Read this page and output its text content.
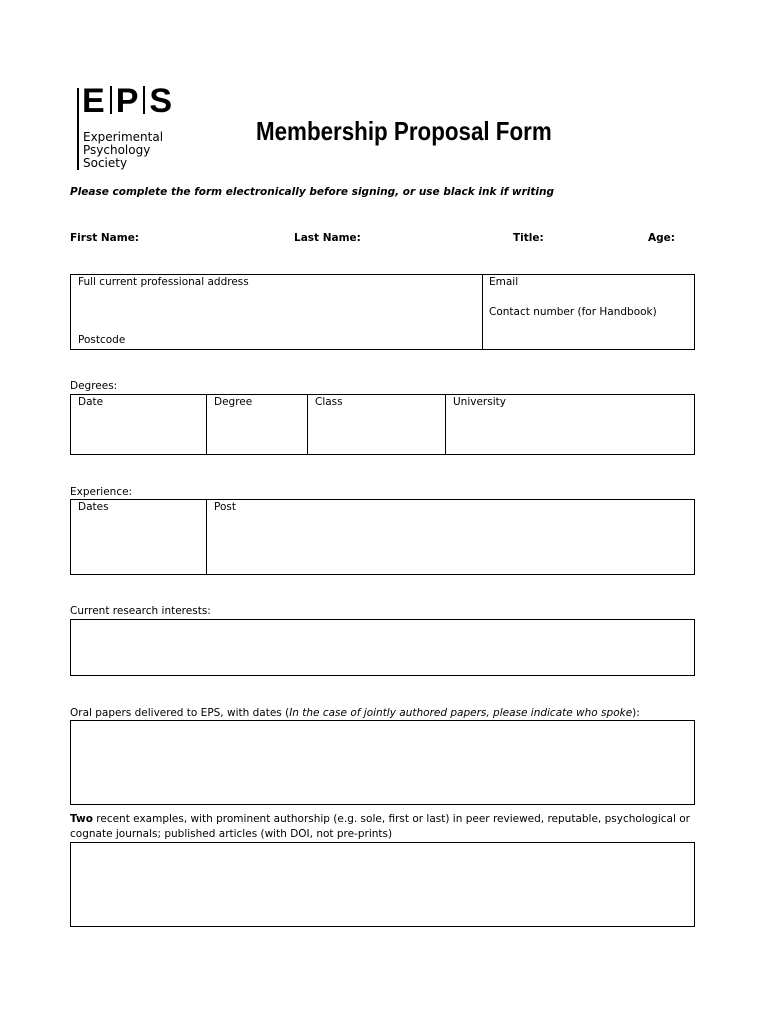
E P S
Experimental
Psychology
Society
Membership Proposal Form
Please complete the form electronically before signing, or use black ink if writing
First Name:	Last Name:	Title:	Age:
Full current professional address
Postcode
Email
Contact number (for Handbook)
Degrees:
Date	Degree	Class	University
Experience:
Dates	Post
Current research interests:
Oral papers delivered to EPS, with dates (In the case of jointly authored papers, please indicate who spoke):
Two recent examples, with prominent authorship (e.g. sole, first or last) in peer reviewed, reputable, psychological or
cognate journals; published articles (with DOI, not pre-prints)
